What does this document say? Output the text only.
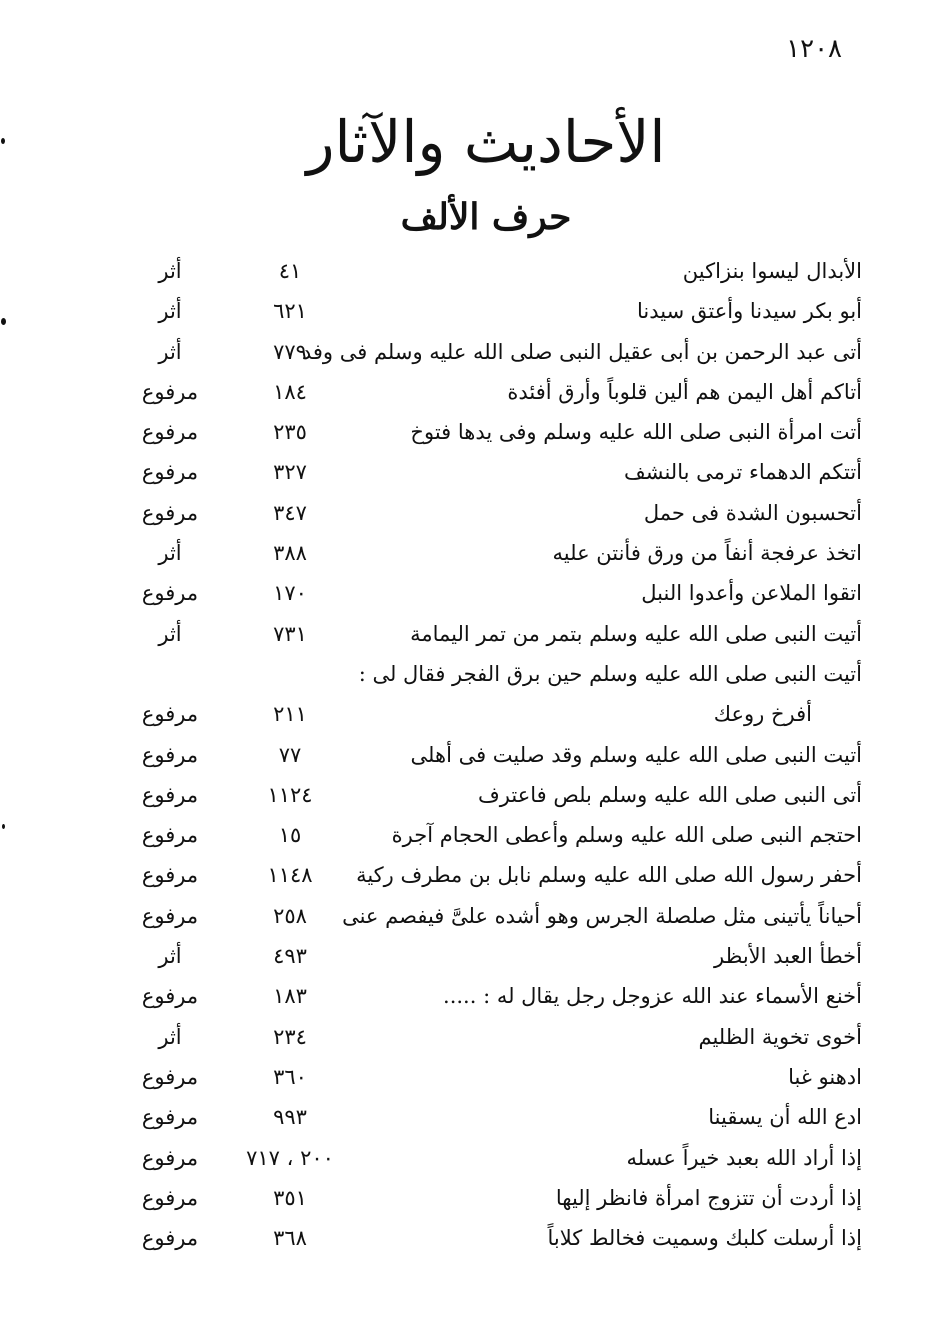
١٢٠٨
الأحاديث والآثار
حرف الألف
الأبدال ليسوا بنزاكين
٤١
أثر
أبو بكر سيدنا وأعتق سيدنا
٦٢١
أثر
أتى عبد الرحمن بن أبى عقيل النبى صلى الله عليه وسلم فى وفد
٧٧٩
أثر
أتاكم أهل اليمن هم ألين قلوباً وأرق أفئدة
١٨٤
مرفوع
أتت امرأة النبى صلى الله عليه وسلم وفى يدها فتوخ
٢٣٥
مرفوع
أتتكم الدهماء ترمى بالنشف
٣٢٧
مرفوع
أتحسبون الشدة فى حمل
٣٤٧
مرفوع
اتخذ عرفجة أنفاً من ورق فأنتن عليه
٣٨٨
أثر
اتقوا الملاعن وأعدوا النبل
١٧٠
مرفوع
أتيت النبى صلى الله عليه وسلم بتمر من تمر اليمامة
٧٣١
أثر
أتيت النبى صلى الله عليه وسلم حين برق الفجر فقال لى :
أفرخ روعك
٢١١
مرفوع
أتيت النبى صلى الله عليه وسلم وقد صليت فى أهلى
٧٧
مرفوع
أتى النبى صلى الله عليه وسلم بلص فاعترف
١١٢٤
مرفوع
احتجم النبى صلى الله عليه وسلم وأعطى الحجام آجرة
١٥
مرفوع
أحفر رسول الله صلى الله عليه وسلم نابل بن مطرف ركية
١١٤٨
مرفوع
أحياناً يأتينى مثل صلصلة الجرس وهو أشده علىَّ فيفصم عنى
٢٥٨
مرفوع
أخطأ العبد الأبظر
٤٩٣
أثر
أخنع الأسماء عند الله عزوجل رجل يقال له : .....
١٨٣
مرفوع
أخوى تخوية الظليم
٢٣٤
أثر
ادهنو غبا
٣٦٠
مرفوع
ادع الله أن يسقينا
٩٩٣
مرفوع
إذا أراد الله بعبد خيراً عسله
٢٠٠ ، ٧١٧
مرفوع
إذا أردت أن تتزوج امرأة فانظر إليها
٣٥١
مرفوع
إذا أرسلت كلبك وسميت فخالط كلاباً
٣٦٨
مرفوع
